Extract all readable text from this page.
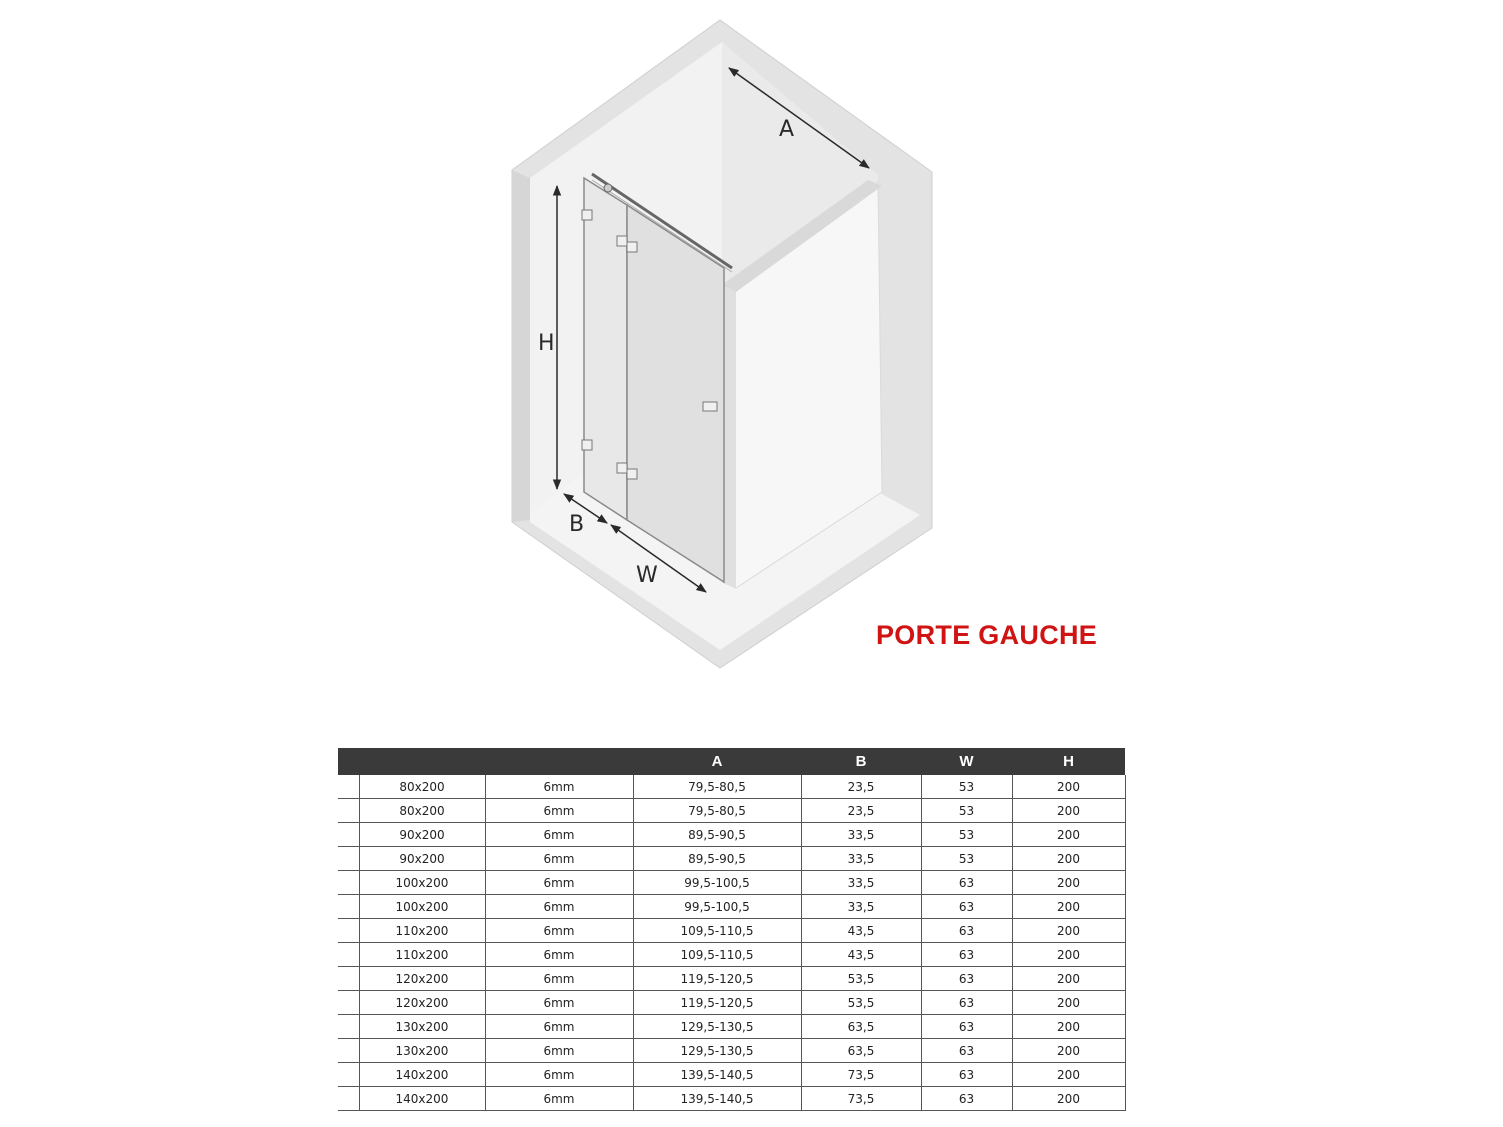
A
H
B
W
PORTE GAUCHE
			A	B	W	H
	80x200	6mm	79,5-80,5	23,5	53	200
	80x200	6mm	79,5-80,5	23,5	53	200
	90x200	6mm	89,5-90,5	33,5	53	200
	90x200	6mm	89,5-90,5	33,5	53	200
	100x200	6mm	99,5-100,5	33,5	63	200
	100x200	6mm	99,5-100,5	33,5	63	200
	110x200	6mm	109,5-110,5	43,5	63	200
	110x200	6mm	109,5-110,5	43,5	63	200
	120x200	6mm	119,5-120,5	53,5	63	200
	120x200	6mm	119,5-120,5	53,5	63	200
	130x200	6mm	129,5-130,5	63,5	63	200
	130x200	6mm	129,5-130,5	63,5	63	200
	140x200	6mm	139,5-140,5	73,5	63	200
	140x200	6mm	139,5-140,5	73,5	63	200
